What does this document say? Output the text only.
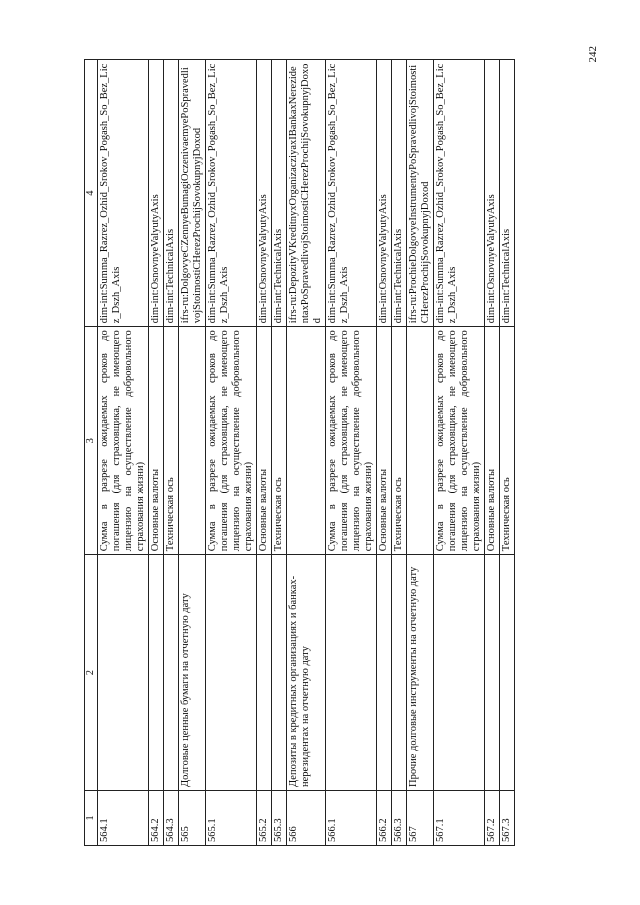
242
1	2	3	4
564.1		Сумма в разрезе ожидаемых сроков до погашения (для страховщика, не имеющего лицензию на осуществление добровольного страхования жизни)	dim-int:Summa_Razrez_Ozhid_Srokov_Pogash_So_Bez_Licz_Dszh_Axis
564.2		Основные валюты	dim-int:OsnovnyeValyutyAxis
564.3		Техническая ось	dim-int:TechnicalAxis
565	Долговые ценные бумаги на отчетную дату		ifrs-ru:DolgovyeCZennyeBumagiOczenivaemyePoSpravedlivojStoimostiCHerezProchijSovokupnyjDoxod
565.1		Сумма в разрезе ожидаемых сроков до погашения (для страховщика, не имеющего лицензию на осуществление добровольного страхования жизни)	dim-int:Summa_Razrez_Ozhid_Srokov_Pogash_So_Bez_Licz_Dszh_Axis
565.2		Основные валюты	dim-int:OsnovnyeValyutyAxis
565.3		Техническая ось	dim-int:TechnicalAxis
566	Депозиты в кредитных организациях и банках-нерезидентах на отчетную дату		ifrs-ru:DepozityVKreditnyxOrganizacziyaxIBankaxNerezidentaxPoSpravedlivojStoimostiCHerezProchijSovokupnyjDoxod
566.1		Сумма в разрезе ожидаемых сроков до погашения (для страховщика, не имеющего лицензию на осуществление добровольного страхования жизни)	dim-int:Summa_Razrez_Ozhid_Srokov_Pogash_So_Bez_Licz_Dszh_Axis
566.2		Основные валюты	dim-int:OsnovnyeValyutyAxis
566.3		Техническая ось	dim-int:TechnicalAxis
567	Прочие долговые инструменты на отчетную дату		ifrs-ru:ProchieDolgovyeInstrumentyPoSpravedlivojStoimostiCHerezProchijSovokupnyjDoxod
567.1		Сумма в разрезе ожидаемых сроков до погашения (для страховщика, не имеющего лицензию на осуществление добровольного страхования жизни)	dim-int:Summa_Razrez_Ozhid_Srokov_Pogash_So_Bez_Licz_Dszh_Axis
567.2		Основные валюты	dim-int:OsnovnyeValyutyAxis
567.3		Техническая ось	dim-int:TechnicalAxis
